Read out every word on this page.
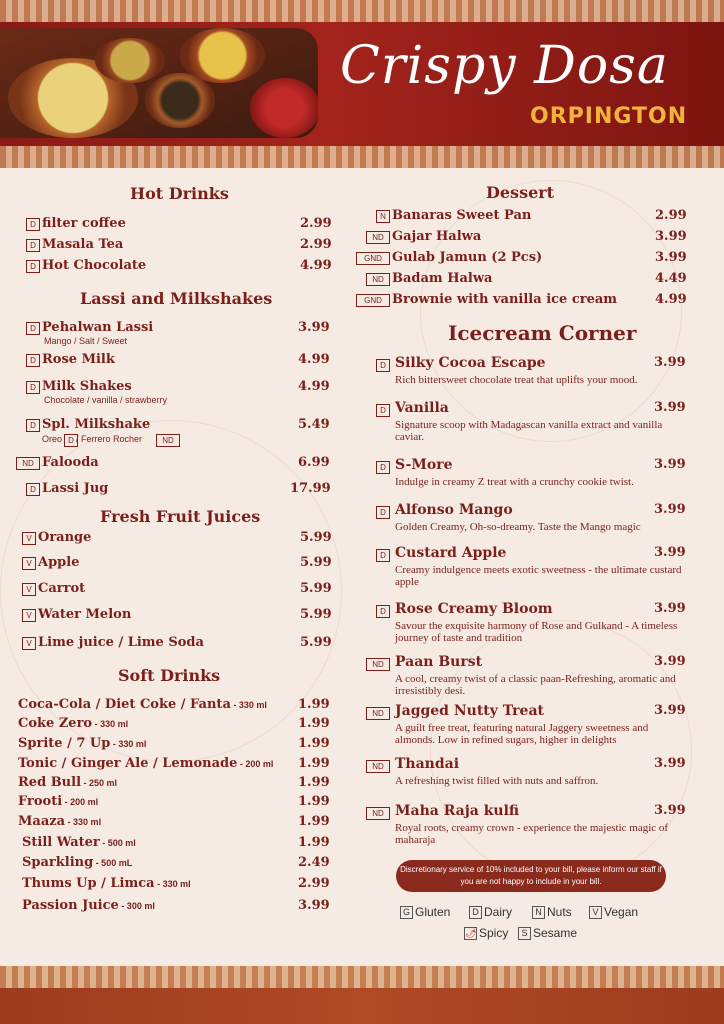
Crispy Dosa
ORPINGTON
Hot Drinks
Discretionary service of 10% included to your bill, please inform our staff if you are not happy to include in your bill.
D filter coffee	2.99
D Masala Tea	2.99
D Hot Chocolate	4.99
Lassi and Milkshakes
D Pehalwan Lassi	3.99
Mango / Salt / Sweet
D Rose Milk	4.99
D Milk Shakes	4.99
Chocolate / vanilla / strawberry
D Spl. Milkshake	5.49
Oreo D / Ferrero Rocher	ND
ND Falooda	6.99
D Lassi Jug	17.99
Fresh Fruit Juices
V Orange	5.99
V Apple	5.99
V Carrot	5.99
V Water Melon	5.99
V Lime juice / Lime Soda	5.99
Soft Drinks
Coca-Cola / Diet Coke / Fanta - 330 ml 1.99
Coke Zero - 330 ml	1.99
Sprite / 7 Up - 330 ml	1.99
Tonic / Ginger Ale / Lemonade - 200 ml 1.99
Red Bull - 250 ml	1.99
Frooti - 200 ml	1.99
Maaza - 330 ml	1.99
Still Water - 500 ml	1.99
Sparkling - 500 mL	2.49
Thums Up / Limca - 330 ml	2.99
Passion Juice - 300 ml	3.99
Dessert
N Banaras Sweet Pan	2.99
ND Gajar Halwa	3.99
GND Gulab Jamun (2 Pcs)	3.99
ND Badam Halwa	4.49
GND Brownie with vanilla ice cream	4.99
Icecream Corner
D Silky Cocoa Escape	3.99
Rich bittersweet chocolate treat that uplifts your mood.
D Vanilla	3.99
Signature scoop with Madagascan vanilla extract and vanilla caviar.
D S-More	3.99
Indulge in creamy Z treat with a crunchy cookie twist.
D Alfonso Mango	3.99
Golden Creamy, Oh-so-dreamy. Taste the Mango magic
D Custard Apple	3.99
Creamy indulgence meets exotic sweetness - the ultimate custard apple
D Rose Creamy Bloom	3.99
Savour the exquisite harmony of Rose and Gulkand - A timeless journey of taste and tradition
ND Paan Burst	3.99
A cool, creamy twist of a classic paan-Refreshing, aromatic and irresistibly desi.
ND Jagged Nutty Treat	3.99
A guilt free treat, featuring natural Jaggery sweetness and almonds. Low in refined sugars, higher in delights
ND Thandai	3.99
A refreshing twist filled with nuts and saffron.
ND Maha Raja kulfi	3.99
Royal roots, creamy crown - experience the majestic magic of maharaja
G Gluten	D Dairy	N Nuts	V Vegan
🌶 Spicy	S Sesame
